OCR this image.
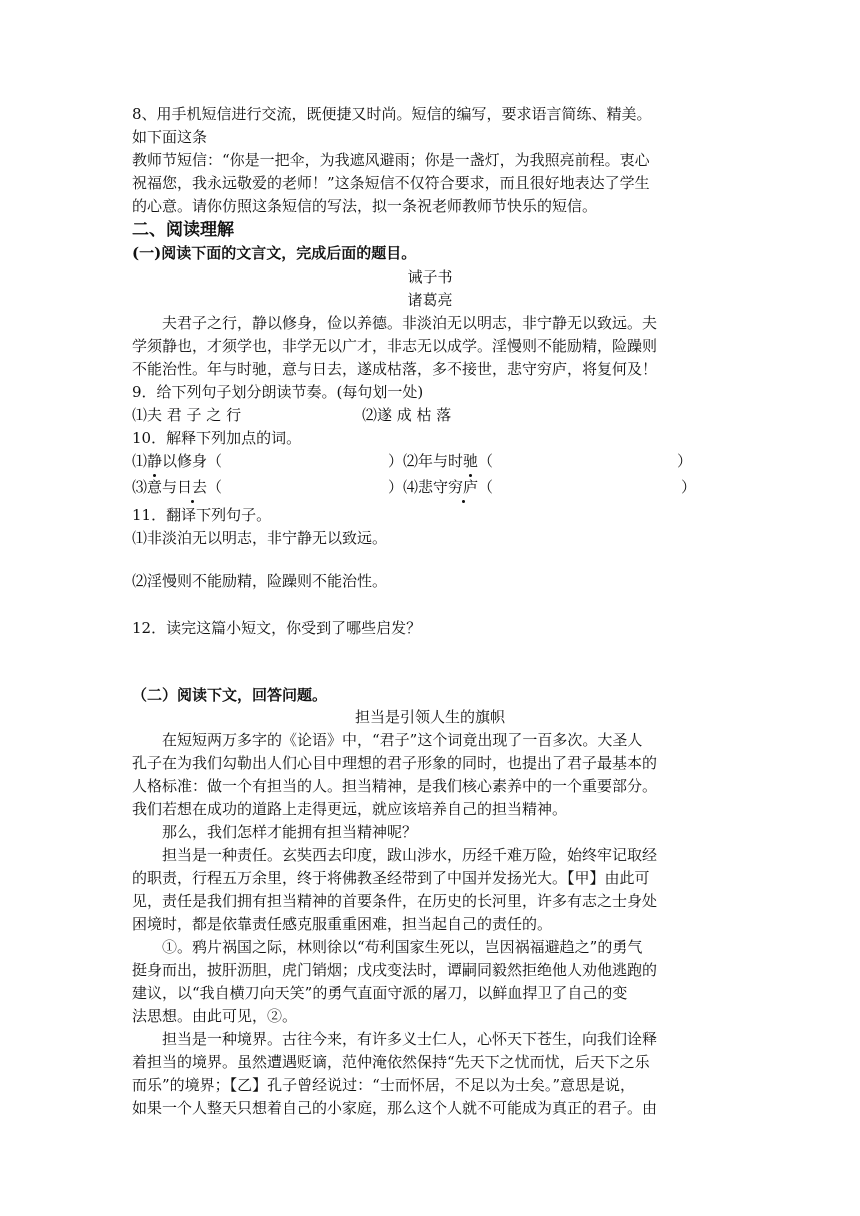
8、用手机短信进行交流，既便捷又时尚。短信的编写，要求语言简练、精美。
如下面这条
教师节短信：“你是一把伞，为我遮风避雨；你是一盏灯，为我照亮前程。衷心
祝福您，我永远敬爱的老师！”这条短信不仅符合要求，而且很好地表达了学生
的心意。请你仿照这条短信的写法，拟一条祝老师教师节快乐的短信。
二、阅读理解
(一)阅读下面的文言文，完成后面的题目。
诫子书
诸葛亮
夫君子之行，静以修身，俭以养德。非淡泊无以明志，非宁静无以致远。夫
学须静也，才须学也，非学无以广才，非志无以成学。淫慢则不能励精，险躁则
不能治性。年与时驰，意与日去，遂成枯落，多不接世，悲守穷庐，将复何及！
9．给下列句子划分朗读节奏。(每句划一处)
⑴夫 君 子 之 行	⑵遂 成 枯 落
10．解释下列加点的词。
⑴静以修身（	）⑵年与时驰（	）
⑶意与日去（	）⑷悲守穷庐（	）
11．翻译下列句子。
⑴非淡泊无以明志，非宁静无以致远。
⑵淫慢则不能励精，险躁则不能治性。
12．读完这篇小短文，你受到了哪些启发？
（二）阅读下文，回答问题。
担当是引领人生的旗帜
在短短两万多字的《论语》中，“君子”这个词竟出现了一百多次。大圣人
孔子在为我们勾勒出人们心目中理想的君子形象的同时，也提出了君子最基本的
人格标准：做一个有担当的人。担当精神，是我们核心素养中的一个重要部分。
我们若想在成功的道路上走得更远，就应该培养自己的担当精神。
那么，我们怎样才能拥有担当精神呢？
担当是一种责任。玄奘西去印度，跋山涉水，历经千难万险，始终牢记取经
的职责，行程五万余里，终于将佛教圣经带到了中国并发扬光大。【甲】由此可
见，责任是我们拥有担当精神的首要条件，在历史的长河里，许多有志之士身处
困境时，都是依靠责任感克服重重困难，担当起自己的责任的。
①。鸦片祸国之际，林则徐以“苟利国家生死以，岂因祸福避趋之”的勇气
挺身而出，披肝沥胆，虎门销烟；戊戌变法时，谭嗣同毅然拒绝他人劝他逃跑的
建议，以“我自横刀向天笑”的勇气直面守派的屠刀，以鲜血捍卫了自己的变
法思想。由此可见，②。
担当是一种境界。古往今来，有许多义士仁人，心怀天下苍生，向我们诠释
着担当的境界。虽然遭遇贬谪，范仲淹依然保持“先天下之忧而忧，后天下之乐
而乐”的境界；【乙】孔子曾经说过：“士而怀居，不足以为士矣。”意思是说，
如果一个人整天只想着自己的小家庭，那么这个人就不可能成为真正的君子。由
